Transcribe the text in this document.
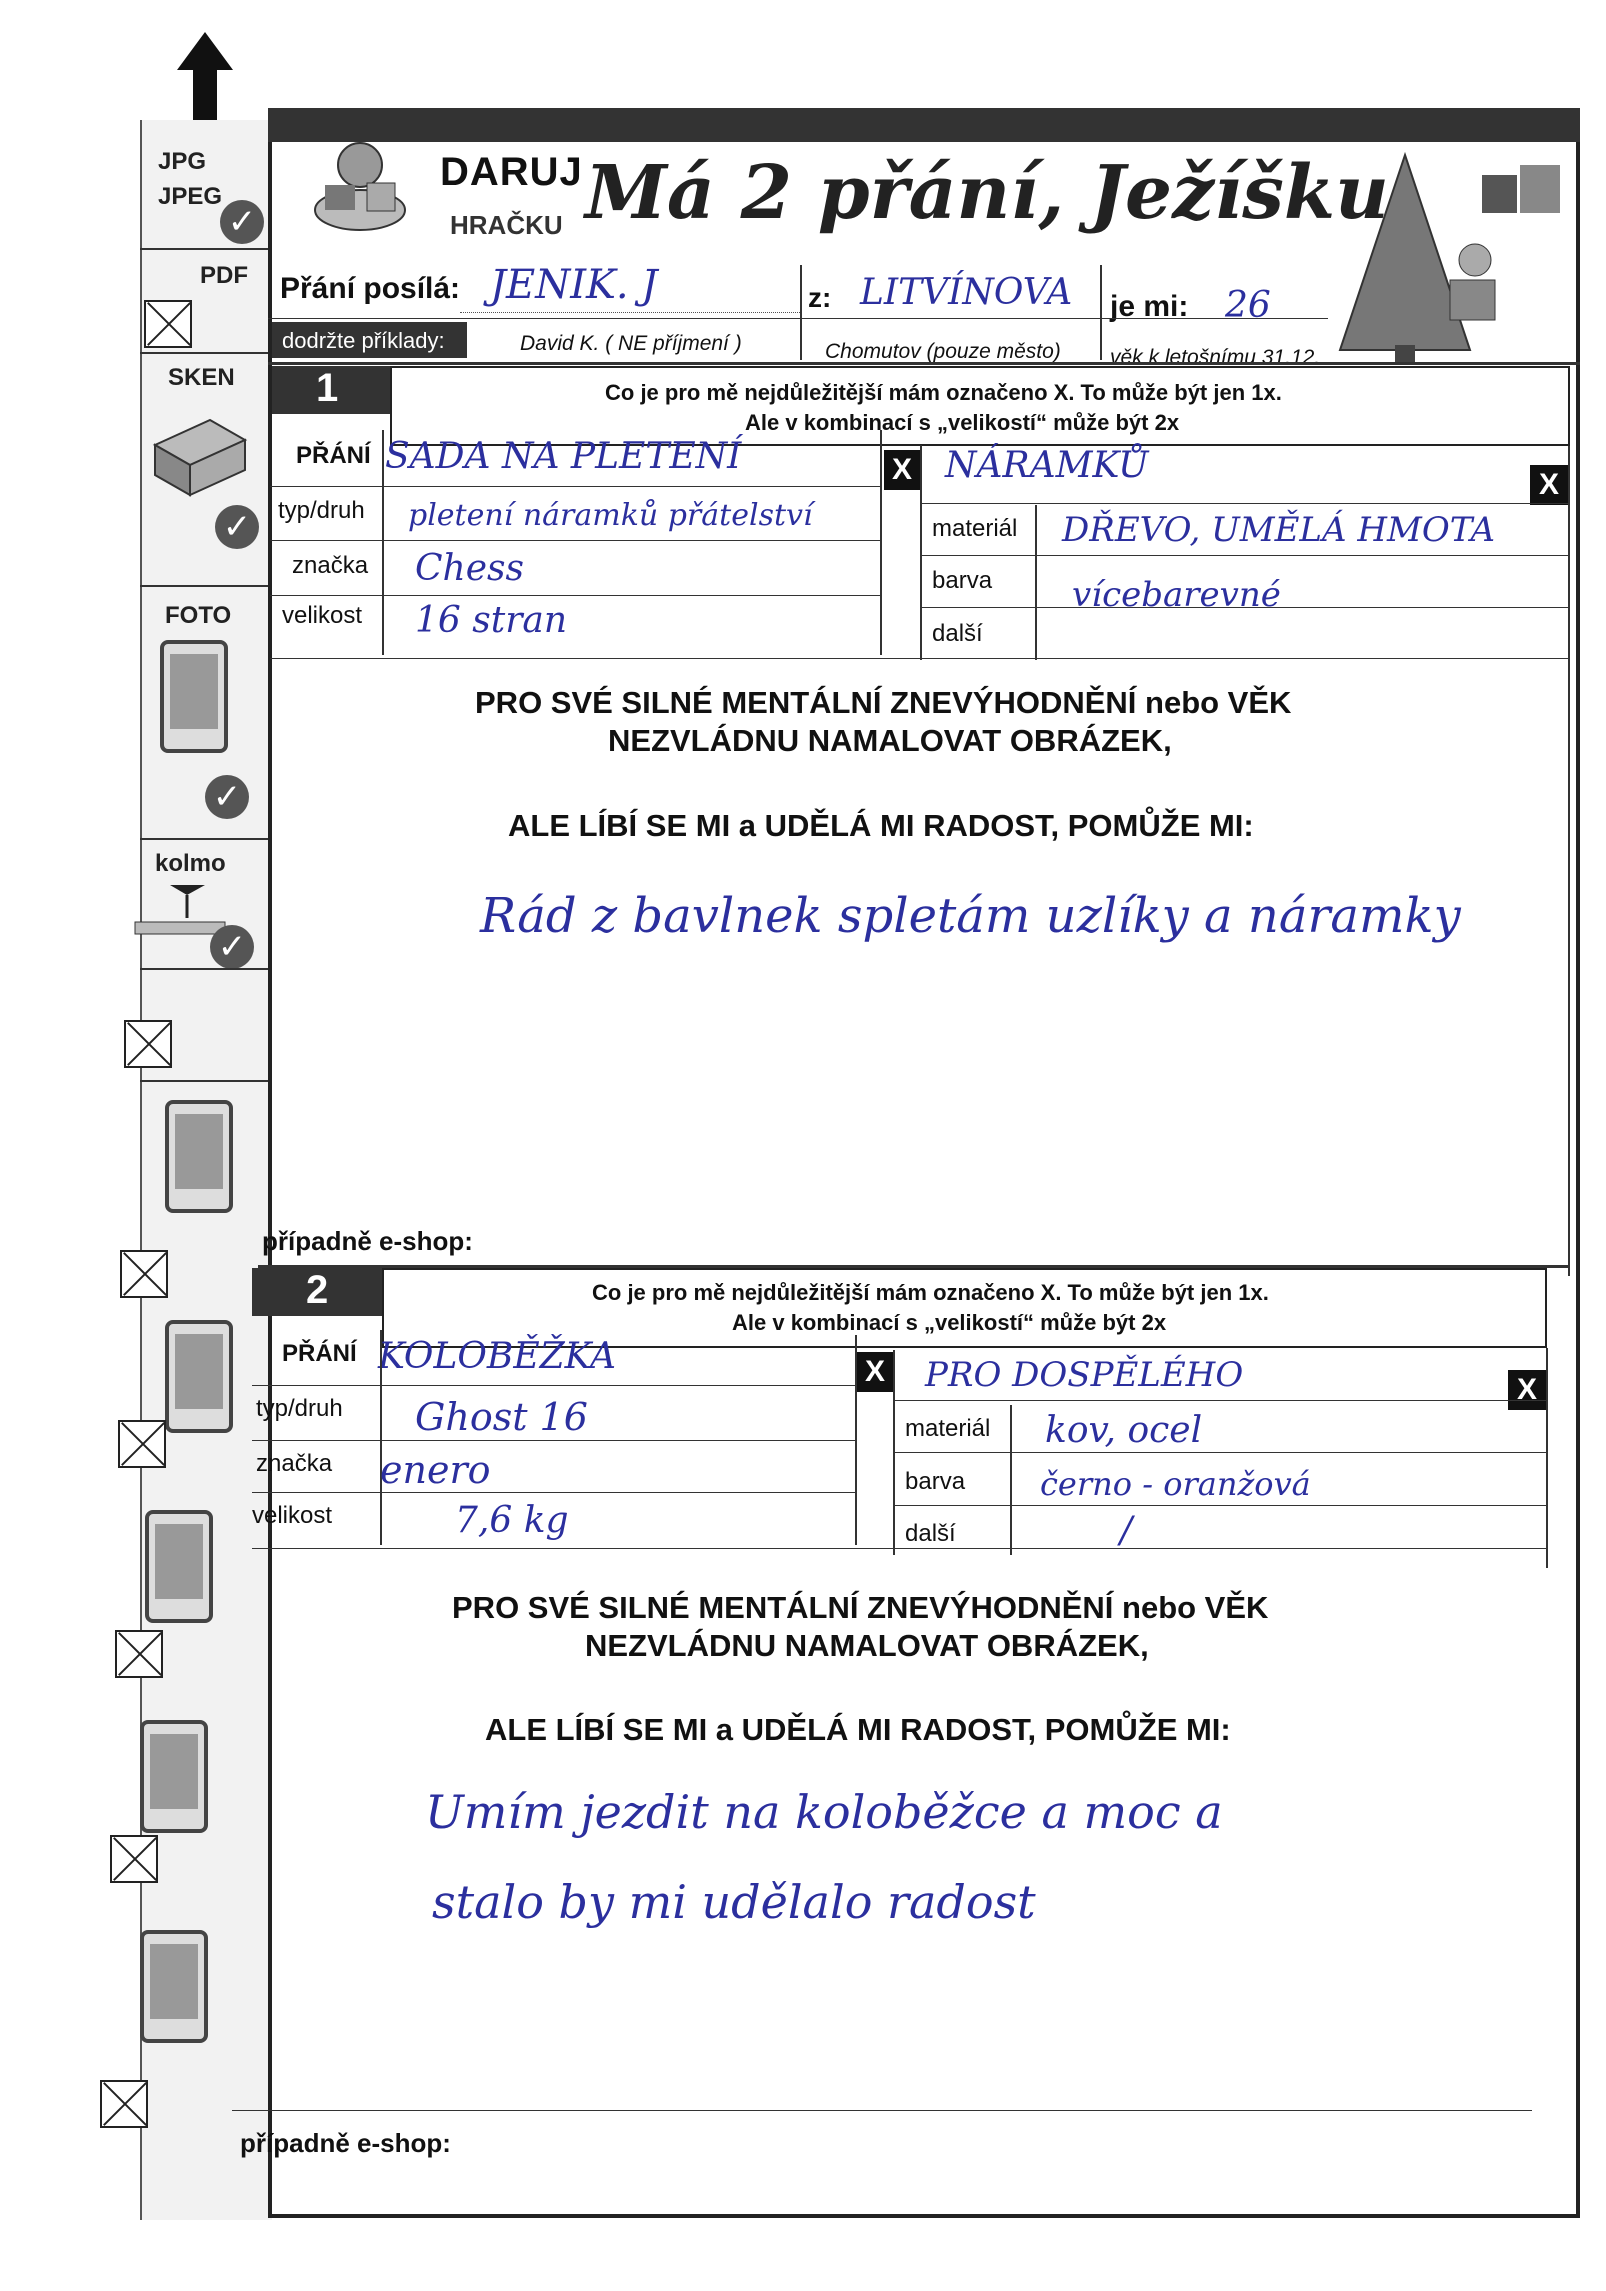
JPG
JPEG
✓
PDF
SKEN
✓
FOTO
✓
kolmo
✓
DARUJ
HRAČKU Má 2 přání, Ježíšku
Přání posílá: JENIK. J	z: LITVÍNOVA je mi: 26
dodržte příklady:	David K. ( NE příjmení )	Chomutov (pouze město) věk k letošnímu 31.12.
1	Co je pro mě nejdůležitější mám označeno X. To může být jen 1x.
Ale v kombinací s „velikostí“ může být 2x
PŘÁNÍ SADA NA PLETENÍ	X NÁRAMKŮ	X
typ/druh pletení náramků přátelství	materiál DŘEVO, UMĚLÁ HMOTA
značka Chess	barva vícebarevné
velikost 16 stran	další
PRO SVÉ SILNÉ MENTÁLNÍ ZNEVÝHODNĚNÍ nebo VĚK
NEZVLÁDNU NAMALOVAT OBRÁZEK,
ALE LÍBÍ SE MI a UDĚLÁ MI RADOST, POMŮŽE MI:
Rád z bavlnek spletám uzlíky a náramky
případně e-shop:
2	Co je pro mě nejdůležitější mám označeno X. To může být jen 1x.
Ale v kombinací s „velikostí“ může být 2x
PŘÁNÍ KOLOBĚŽKA	X PRO DOSPĚLÉHO	X
typ/druh Ghost 16	materiál kov, ocel
značka enero	barva černo - oranžová
velikost	7,6 kg	další	/
PRO SVÉ SILNÉ MENTÁLNÍ ZNEVÝHODNĚNÍ nebo VĚK
NEZVLÁDNU NAMALOVAT OBRÁZEK,
ALE LÍBÍ SE MI a UDĚLÁ MI RADOST, POMŮŽE MI:
Umím jezdit na koloběžce a moc a
stalo by mi udělalo radost
případně e-shop:
